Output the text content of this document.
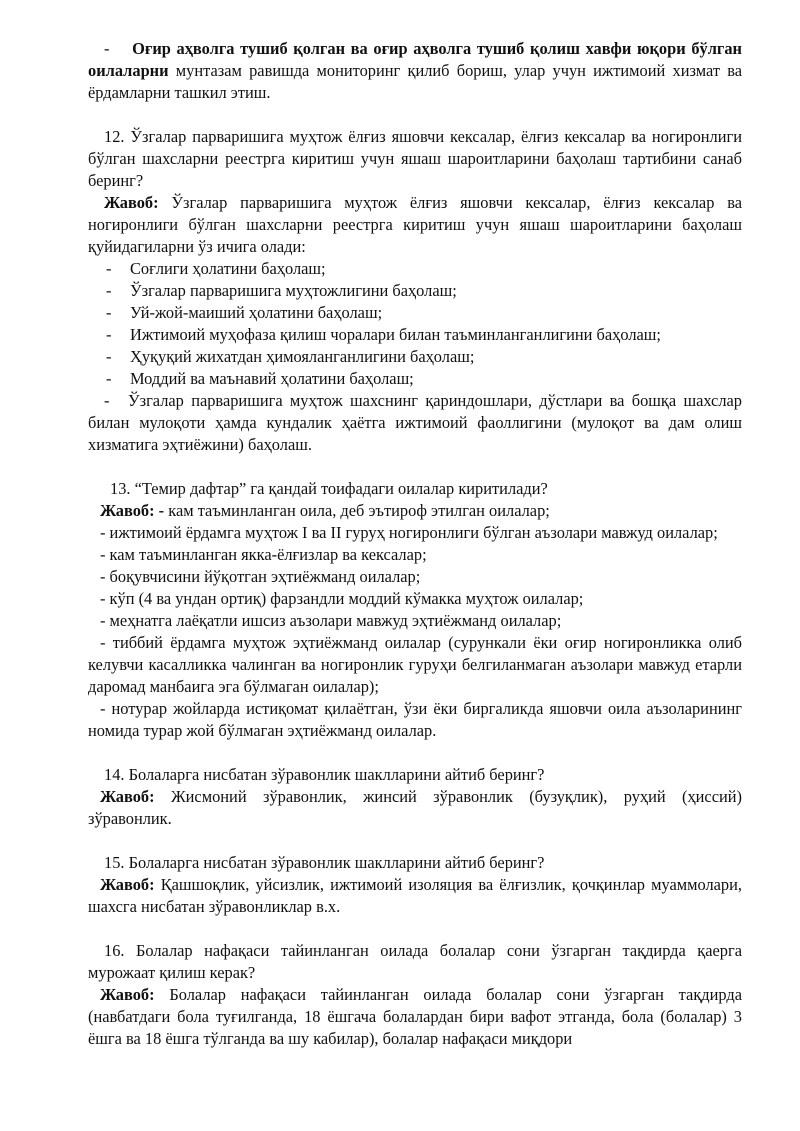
- Оғир аҳволга тушиб қолган ва оғир аҳволга тушиб қолиш хавфи юқори бўлган оилаларни мунтазам равишда мониторинг қилиб бориш, улар учун ижтимоий хизмат ва ёрдамларни ташкил этиш.

12. Ўзгалар парваришига муҳтож ёлғиз яшовчи кексалар, ёлғиз кексалар ва ногиронлиги бўлган шахсларни реестрга киритиш учун яшаш шароитларини баҳолаш тартибини санаб беринг?

Жавоб: Ўзгалар парваришига муҳтож ёлғиз яшовчи кексалар, ёлғиз кексалар ва ногиронлиги бўлган шахсларни реестрга киритиш учун яшаш шароитларини баҳолаш қуйидагиларни ўз ичига олади:

- Соғлиги ҳолатини баҳолаш;

- Ўзгалар парваришига муҳтожлигини баҳолаш;

- Уй-жой-маиший ҳолатини баҳолаш;

- Ижтимоий муҳофаза қилиш чоралари билан таъминланганлигини баҳолаш;

- Ҳуқуқий жихатдан ҳимояланганлигини баҳолаш;

- Моддий ва маънавий ҳолатини баҳолаш;

- Ўзгалар парваришига муҳтож шахснинг қариндошлари, дўстлари ва бошқа шахслар билан мулоқоти ҳамда кундалик ҳаётга ижтимоий фаоллигини (мулоқот ва дам олиш хизматига эҳтиёжини) баҳолаш.

13. “Темир дафтар” га қандай тоифадаги оилалар киритилади?

Жавоб: - кам таъминланган оила, деб эътироф этилган оилалар;

- ижтимоий ёрдамга муҳтож I ва II гуруҳ ногиронлиги бўлган аъзолари мавжуд оилалар;

- кам таъминланган якка-ёлғизлар ва кексалар;

- боқувчисини йўқотган эҳтиёжманд оилалар;

- кўп (4 ва ундан ортиқ) фарзандли моддий кўмакка муҳтож оилалар;

- меҳнатга лаёқатли ишсиз аъзолари мавжуд эҳтиёжманд оилалар;

- тиббий ёрдамга муҳтож эҳтиёжманд оилалар (сурункали ёки оғир ногиронликка олиб келувчи касалликка чалинган ва ногиронлик гуруҳи белгиланмаган аъзолари мавжуд етарли даромад манбаига эга бўлмаган оилалар);

- нотурар жойларда истиқомат қилаётган, ўзи ёки биргаликда яшовчи оила аъзоларининг номида турар жой бўлмаган эҳтиёжманд оилалар.

14. Болаларга нисбатан зўравонлик шаклларини айтиб беринг?

Жавоб: Жисмоний зўравонлик, жинсий зўравонлик (бузуқлик), руҳий (ҳиссий) зўравонлик.

15. Болаларга нисбатан зўравонлик шаклларини айтиб беринг?

Жавоб: Қашшоқлик, уйсизлик, ижтимоий изоляция ва ёлғизлик, қочқинлар муаммолари, шахсга нисбатан зўравонликлар в.х.

16. Болалар нафақаси тайинланган оилада болалар сони ўзгарган тақдирда қаерга мурожаат қилиш керак?

Жавоб: Болалар нафақаси тайинланган оилада болалар сони ўзгарган тақдирда (навбатдаги бола туғилганда, 18 ёшгача болалардан бири вафот этганда, бола (болалар) 3 ёшга ва 18 ёшга тўлганда ва шу кабилар), болалар нафақаси миқдори
